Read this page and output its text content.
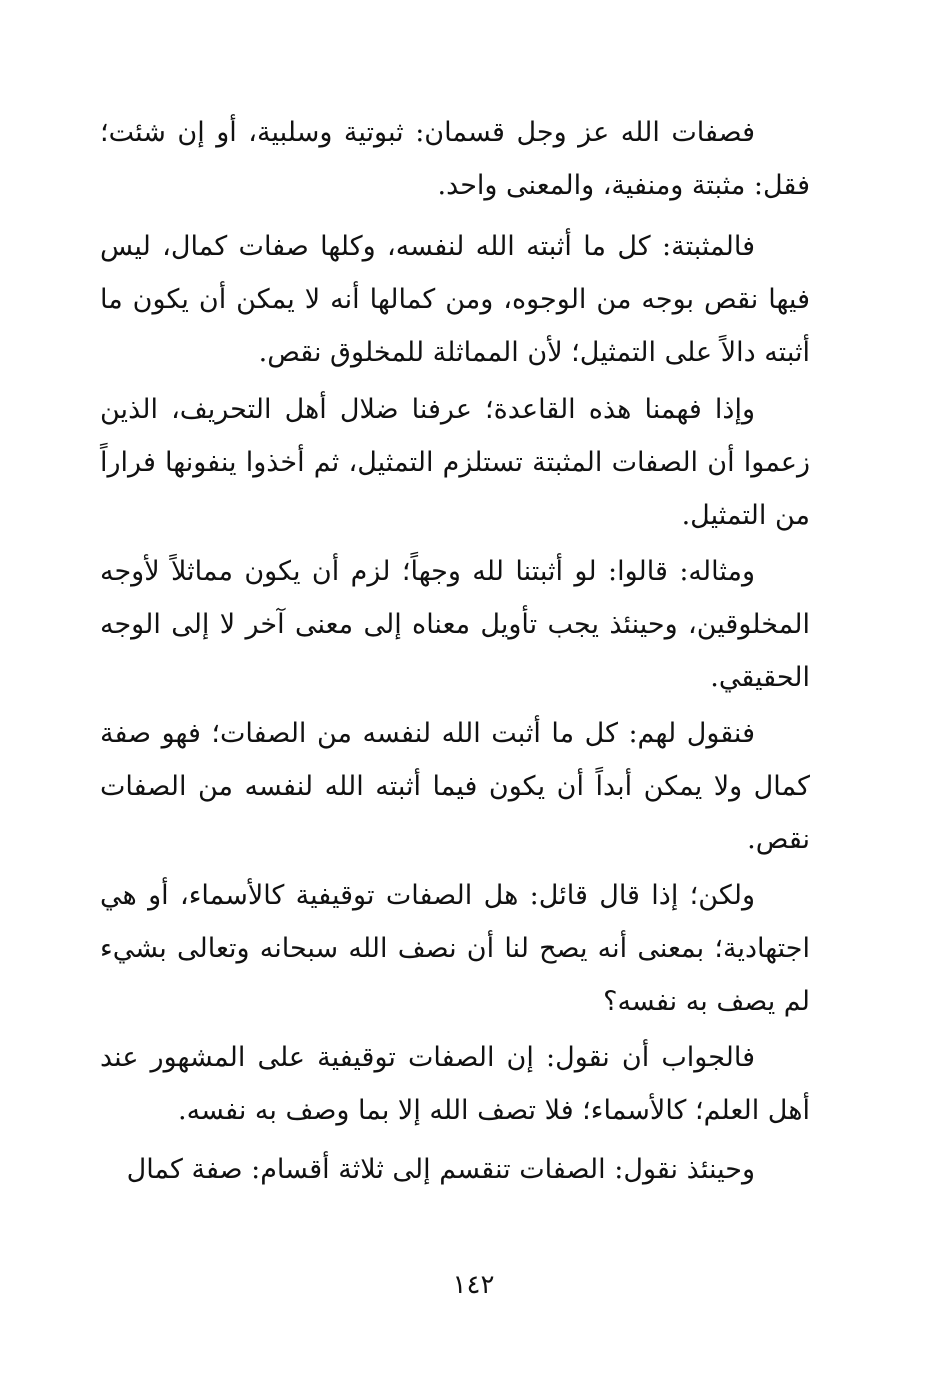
فصفات الله عز وجل قسمان: ثبوتية وسلبية، أو إن شئت؛ فقل: مثبتة ومنفية، والمعنى واحد.

فالمثبتة: كل ما أثبته الله لنفسه، وكلها صفات كمال، ليس فيها نقص بوجه من الوجوه، ومن كمالها أنه لا يمكن أن يكون ما أثبته دالاً على التمثيل؛ لأن المماثلة للمخلوق نقص.

وإذا فهمنا هذه القاعدة؛ عرفنا ضلال أهل التحريف، الذين زعموا أن الصفات المثبتة تستلزم التمثيل، ثم أخذوا ينفونها فراراً من التمثيل.

ومثاله: قالوا: لو أثبتنا لله وجهاً؛ لزم أن يكون مماثلاً لأوجه المخلوقين، وحينئذ يجب تأويل معناه إلى معنى آخر لا إلى الوجه الحقيقي.

فنقول لهم: كل ما أثبت الله لنفسه من الصفات؛ فهو صفة كمال ولا يمكن أبداً أن يكون فيما أثبته الله لنفسه من الصفات نقص.

ولكن؛ إذا قال قائل: هل الصفات توقيفية كالأسماء، أو هي اجتهادية؛ بمعنى أنه يصح لنا أن نصف الله سبحانه وتعالى بشيء لم يصف به نفسه؟

فالجواب أن نقول: إن الصفات توقيفية على المشهور عند أهل العلم؛ كالأسماء؛ فلا تصف الله إلا بما وصف به نفسه.

وحينئذ نقول: الصفات تنقسم إلى ثلاثة أقسام: صفة كمال

١٤٢
